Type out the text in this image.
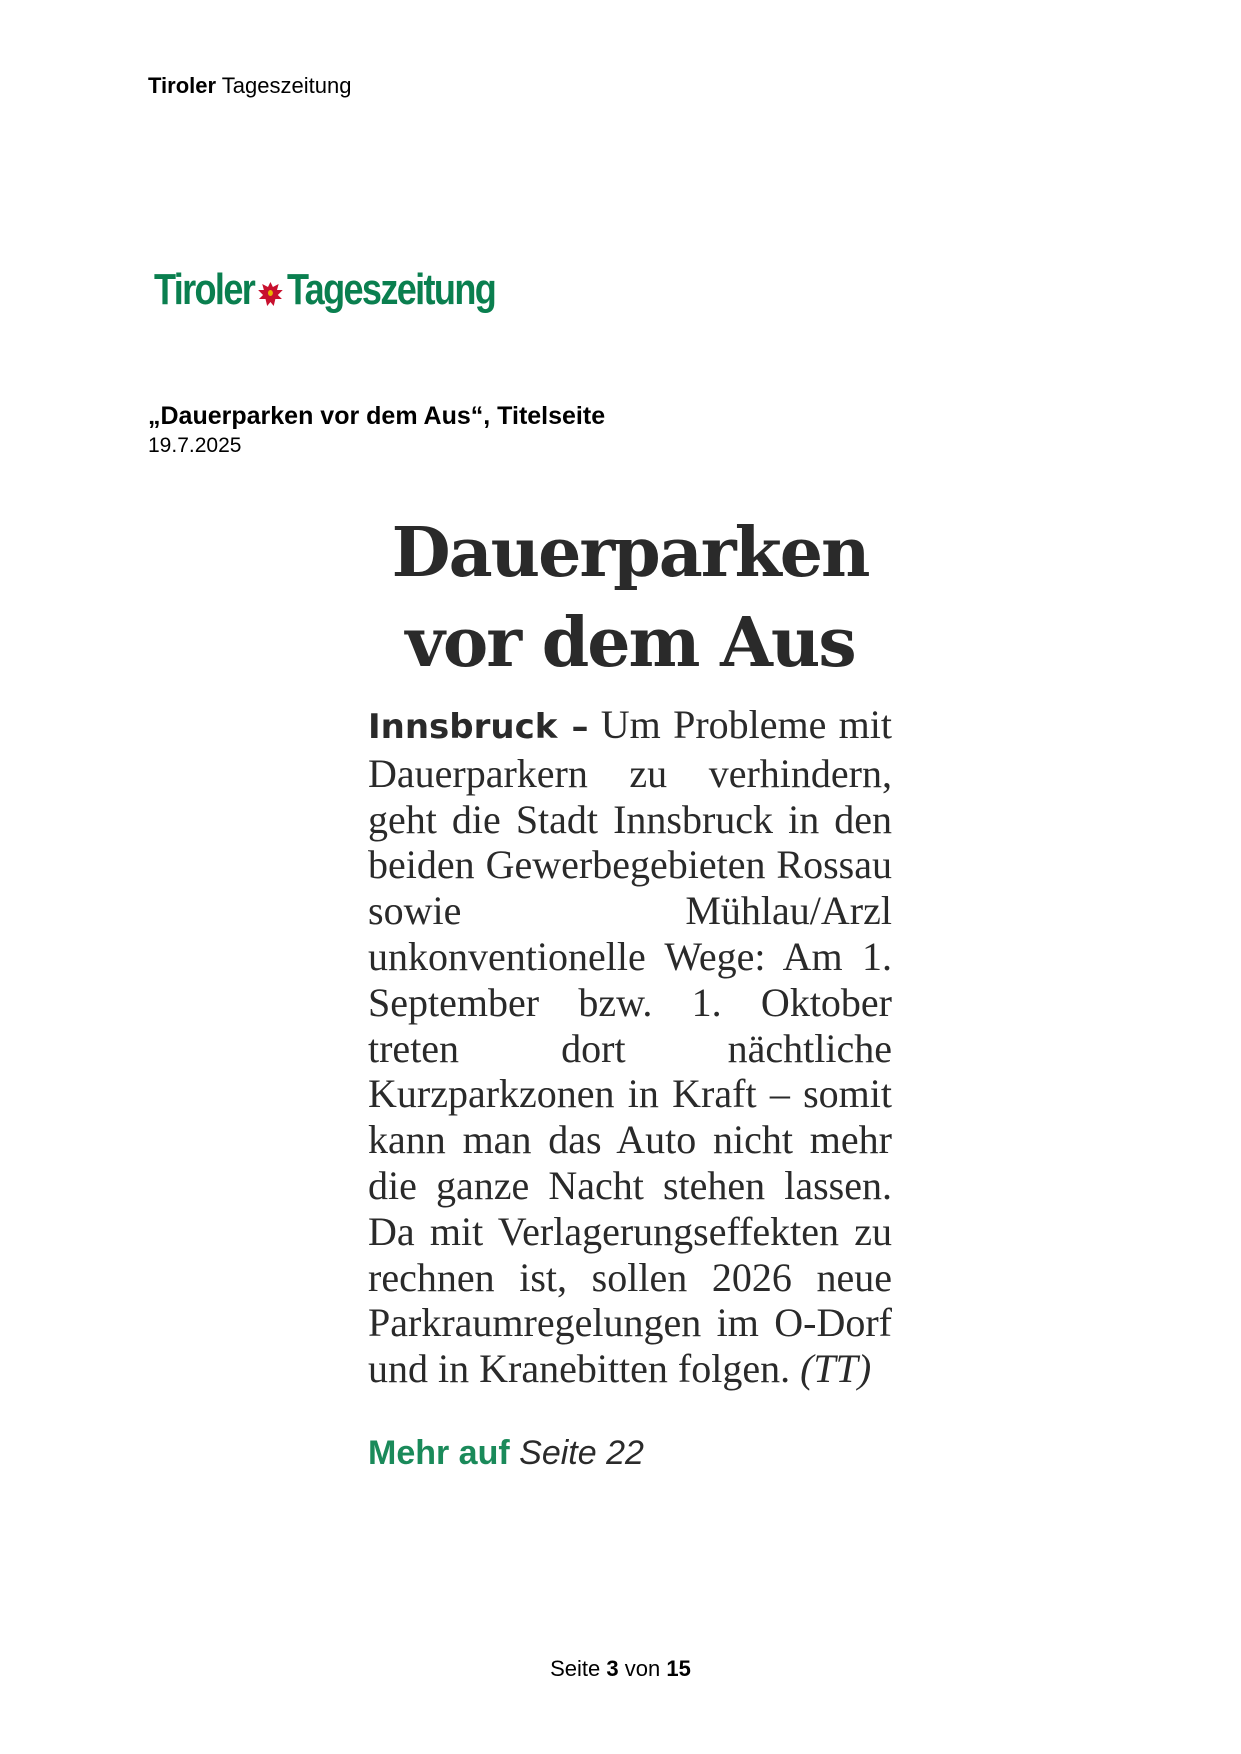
Tiroler Tageszeitung
Tiroler Tageszeitung
„Dauerparken vor dem Aus“, Titelseite
19.7.2025
Dauerparken
vor dem Aus
Innsbruck – Um Probleme mit Dauerparkern zu verhindern, geht die Stadt Innsbruck in den beiden Gewerbegebieten Rossau sowie Mühlau/Arzl unkonventionelle Wege: Am 1. September bzw. 1. Oktober treten dort nächtliche Kurzparkzonen in Kraft – somit kann man das Auto nicht mehr die ganze Nacht stehen lassen. Da mit Verlagerungseffekten zu rechnen ist, sollen 2026 neue Parkraumregelungen im O-Dorf und in Kranebitten folgen. (TT)
Mehr auf Seite 22
Seite 3 von 15
